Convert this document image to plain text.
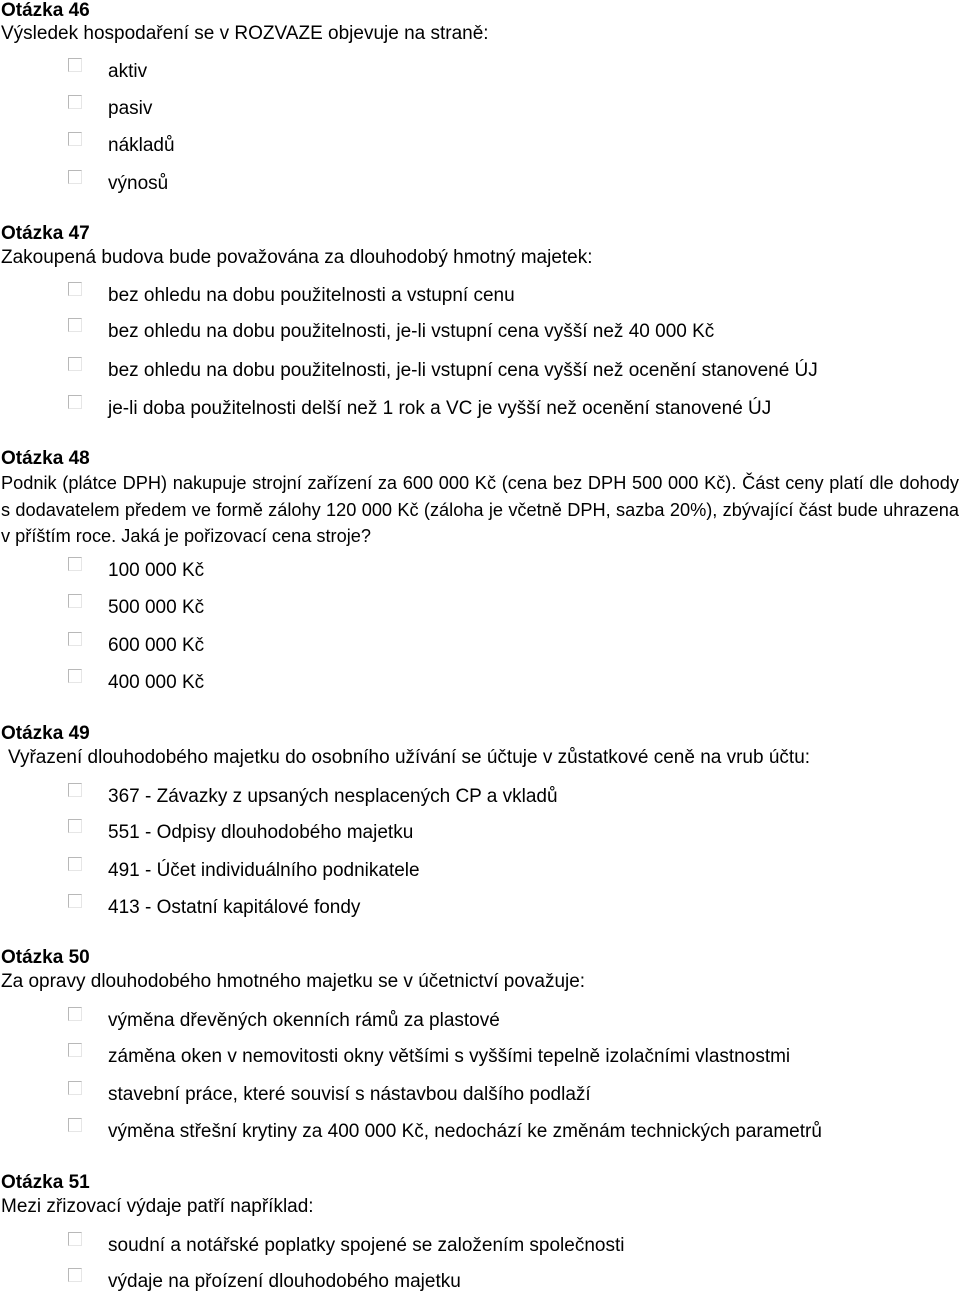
Otázka 46
Výsledek hospodaření se v ROZVAZE objevuje na straně:
aktiv
pasiv
nákladů
výnosů
Otázka 47
Zakoupená budova bude považována za dlouhodobý hmotný majetek:
bez ohledu na dobu použitelnosti a vstupní cenu
bez ohledu na dobu použitelnosti, je-li vstupní cena vyšší než 40 000 Kč
bez ohledu na dobu použitelnosti, je-li vstupní cena vyšší než ocenění stanovené ÚJ
je-li doba použitelnosti delší než 1 rok a VC je vyšší než ocenění stanovené ÚJ
Otázka 48
Podnik (plátce DPH) nakupuje strojní zařízení za 600 000 Kč (cena bez DPH 500 000 Kč). Část ceny platí dle dohody s dodavatelem předem ve formě zálohy 120 000 Kč (záloha je včetně DPH, sazba 20%), zbývající část bude uhrazena v příštím roce. Jaká je pořizovací cena stroje?
100 000 Kč
500 000 Kč
600 000 Kč
400 000 Kč
Otázka 49
Vyřazení dlouhodobého majetku do osobního užívání se účtuje v zůstatkové ceně na vrub účtu:
367 - Závazky z upsaných nesplacených CP a vkladů
551 - Odpisy dlouhodobého majetku
491 - Účet individuálního podnikatele
413 - Ostatní kapitálové fondy
Otázka 50
Za opravy dlouhodobého hmotného majetku se v účetnictví považuje:
výměna dřevěných okenních rámů za plastové
záměna oken v nemovitosti okny většími s vyššími tepelně izolačními vlastnostmi
stavební práce, které souvisí s nástavbou dalšího podlaží
výměna střešní krytiny za 400 000 Kč, nedochází ke změnám technických parametrů
Otázka 51
Mezi zřizovací výdaje patří například:
soudní a notářské poplatky spojené se založením společnosti
výdaje na přoízení dlouhodobého majetku
